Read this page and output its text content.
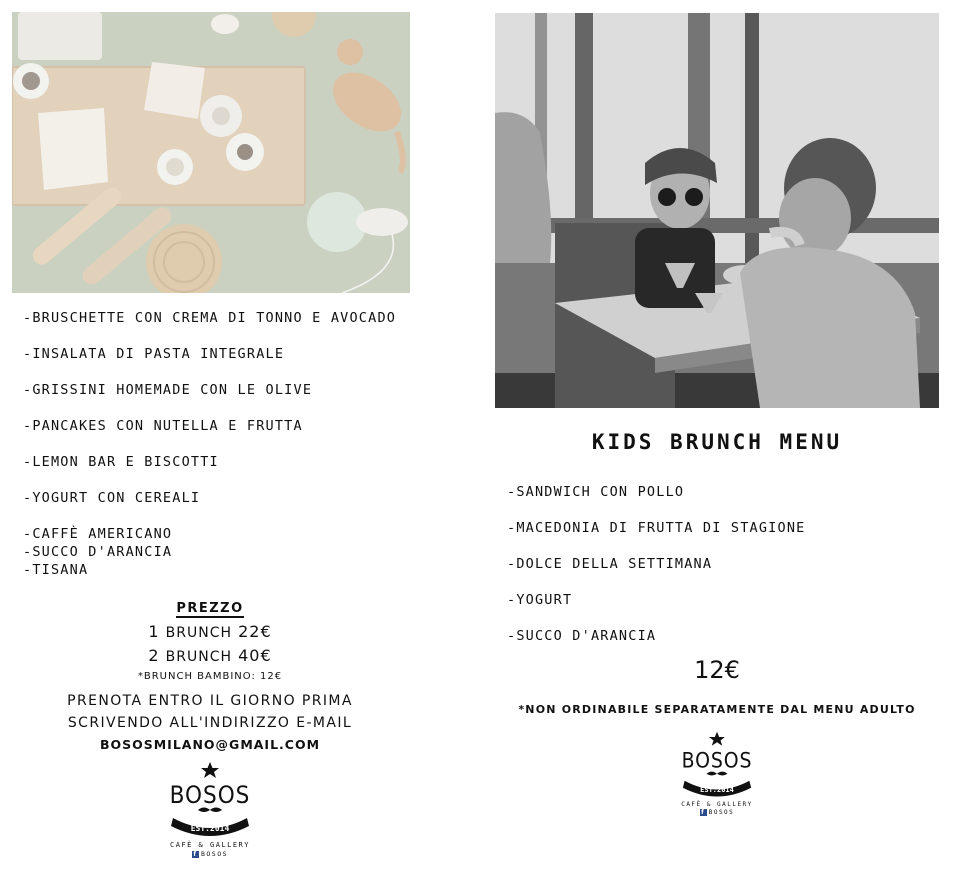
-BRUSCHETTE CON CREMA DI TONNO E AVOCADO
-INSALATA DI PASTA INTEGRALE
-GRISSINI HOMEMADE CON LE OLIVE
-PANCAKES CON NUTELLA E FRUTTA
-LEMON BAR E BISCOTTI
-YOGURT CON CEREALI
-CAFFÈ AMERICANO
-SUCCO D'ARANCIA
-TISANA
PREZZO
1 BRUNCH 22€
2 BRUNCH 40€
*BRUNCH BAMBINO: 12€
PRENOTA ENTRO IL GIORNO PRIMA
SCRIVENDO ALL'INDIRIZZO E-MAIL
BOSOSMILANO@GMAIL.COM
BOSOS
EST.2014
CAFÈ & GALLERY
f BOSOS
KIDS BRUNCH MENU
-SANDWICH CON POLLO
-MACEDONIA DI FRUTTA DI STAGIONE
-DOLCE DELLA SETTIMANA
-YOGURT
-SUCCO D'ARANCIA
12€
*NON ORDINABILE SEPARATAMENTE DAL MENU ADULTO
BOSOS
EST.2014
CAFÈ & GALLERY
f BOSOS
